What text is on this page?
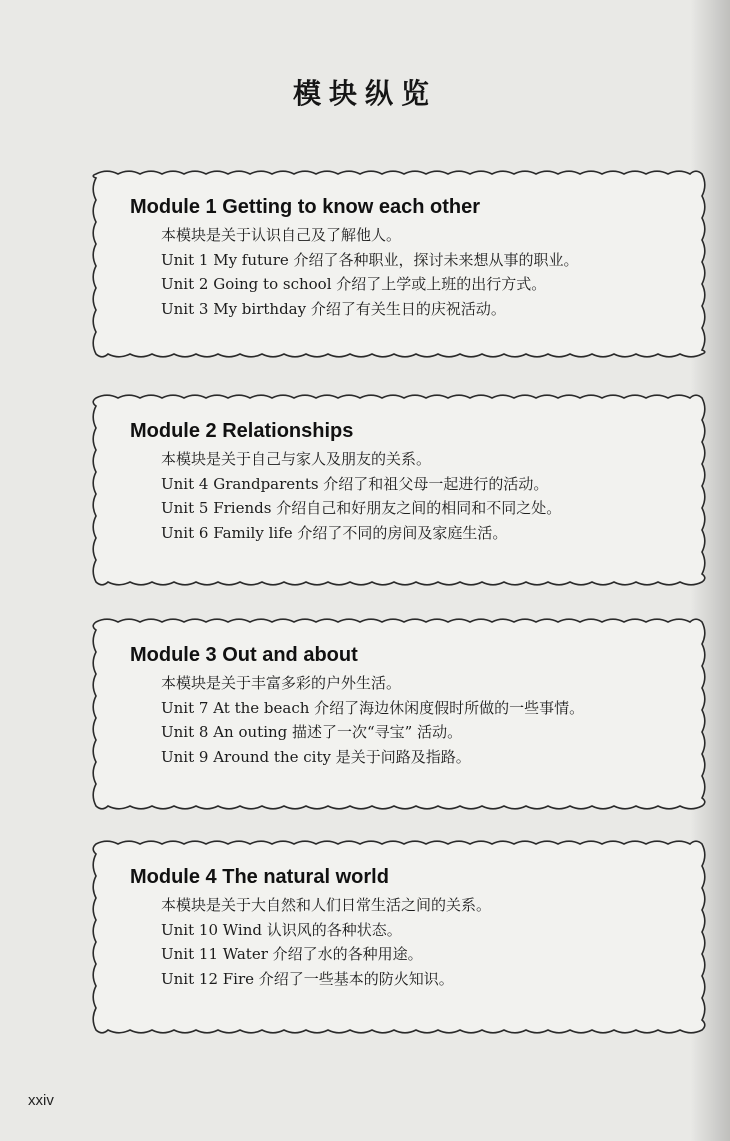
模块纵览
Module 1 Getting to know each other
本模块是关于认识自己及了解他人。
Unit 1 My future 介绍了各种职业，探讨未来想从事的职业。
Unit 2 Going to school 介绍了上学或上班的出行方式。
Unit 3 My birthday 介绍了有关生日的庆祝活动。
Module 2 Relationships
本模块是关于自己与家人及朋友的关系。
Unit 4 Grandparents 介绍了和祖父母一起进行的活动。
Unit 5 Friends 介绍自己和好朋友之间的相同和不同之处。
Unit 6 Family life 介绍了不同的房间及家庭生活。
Module 3 Out and about
本模块是关于丰富多彩的户外生活。
Unit 7 At the beach 介绍了海边休闲度假时所做的一些事情。
Unit 8 An outing 描述了一次“寻宝” 活动。
Unit 9 Around the city 是关于问路及指路。
Module 4 The natural world
本模块是关于大自然和人们日常生活之间的关系。
Unit 10 Wind 认识风的各种状态。
Unit 11 Water 介绍了水的各种用途。
Unit 12 Fire 介绍了一些基本的防火知识。
xxiv
